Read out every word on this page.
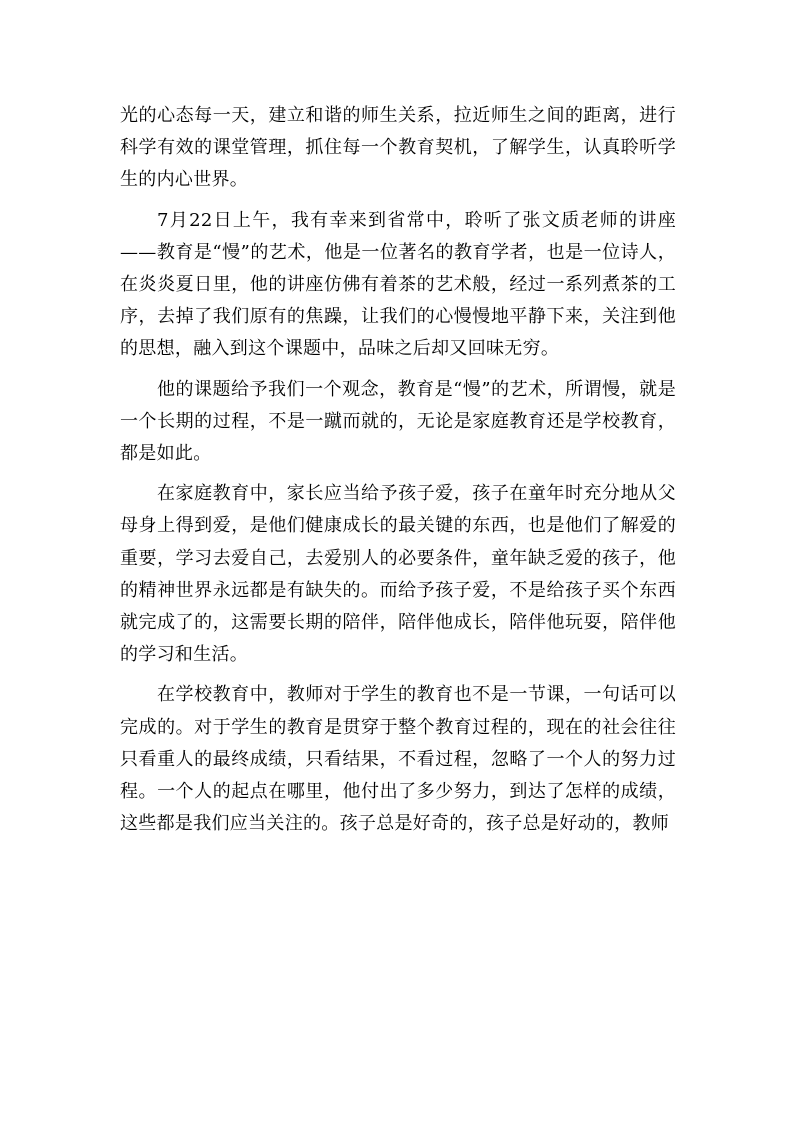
光的心态每一天，建立和谐的师生关系，拉近师生之间的距离，进行科学有效的课堂管理，抓住每一个教育契机，了解学生，认真聆听学生的内心世界。

7月22日上午，我有幸来到省常中，聆听了张文质老师的讲座——教育是“慢”的艺术，他是一位著名的教育学者，也是一位诗人，在炎炎夏日里，他的讲座仿佛有着茶的艺术般，经过一系列煮茶的工序，去掉了我们原有的焦躁，让我们的心慢慢地平静下来，关注到他的思想，融入到这个课题中，品味之后却又回味无穷。

他的课题给予我们一个观念，教育是“慢”的艺术，所谓慢，就是一个长期的过程，不是一蹴而就的，无论是家庭教育还是学校教育，都是如此。

在家庭教育中，家长应当给予孩子爱，孩子在童年时充分地从父母身上得到爱，是他们健康成长的最关键的东西，也是他们了解爱的重要，学习去爱自己，去爱别人的必要条件，童年缺乏爱的孩子，他的精神世界永远都是有缺失的。而给予孩子爱，不是给孩子买个东西就完成了的，这需要长期的陪伴，陪伴他成长，陪伴他玩耍，陪伴他的学习和生活。

在学校教育中，教师对于学生的教育也不是一节课，一句话可以完成的。对于学生的教育是贯穿于整个教育过程的，现在的社会往往只看重人的最终成绩，只看结果，不看过程，忽略了一个人的努力过程。一个人的起点在哪里，他付出了多少努力，到达了怎样的成绩，这些都是我们应当关注的。孩子总是好奇的，孩子总是好动的，教师
